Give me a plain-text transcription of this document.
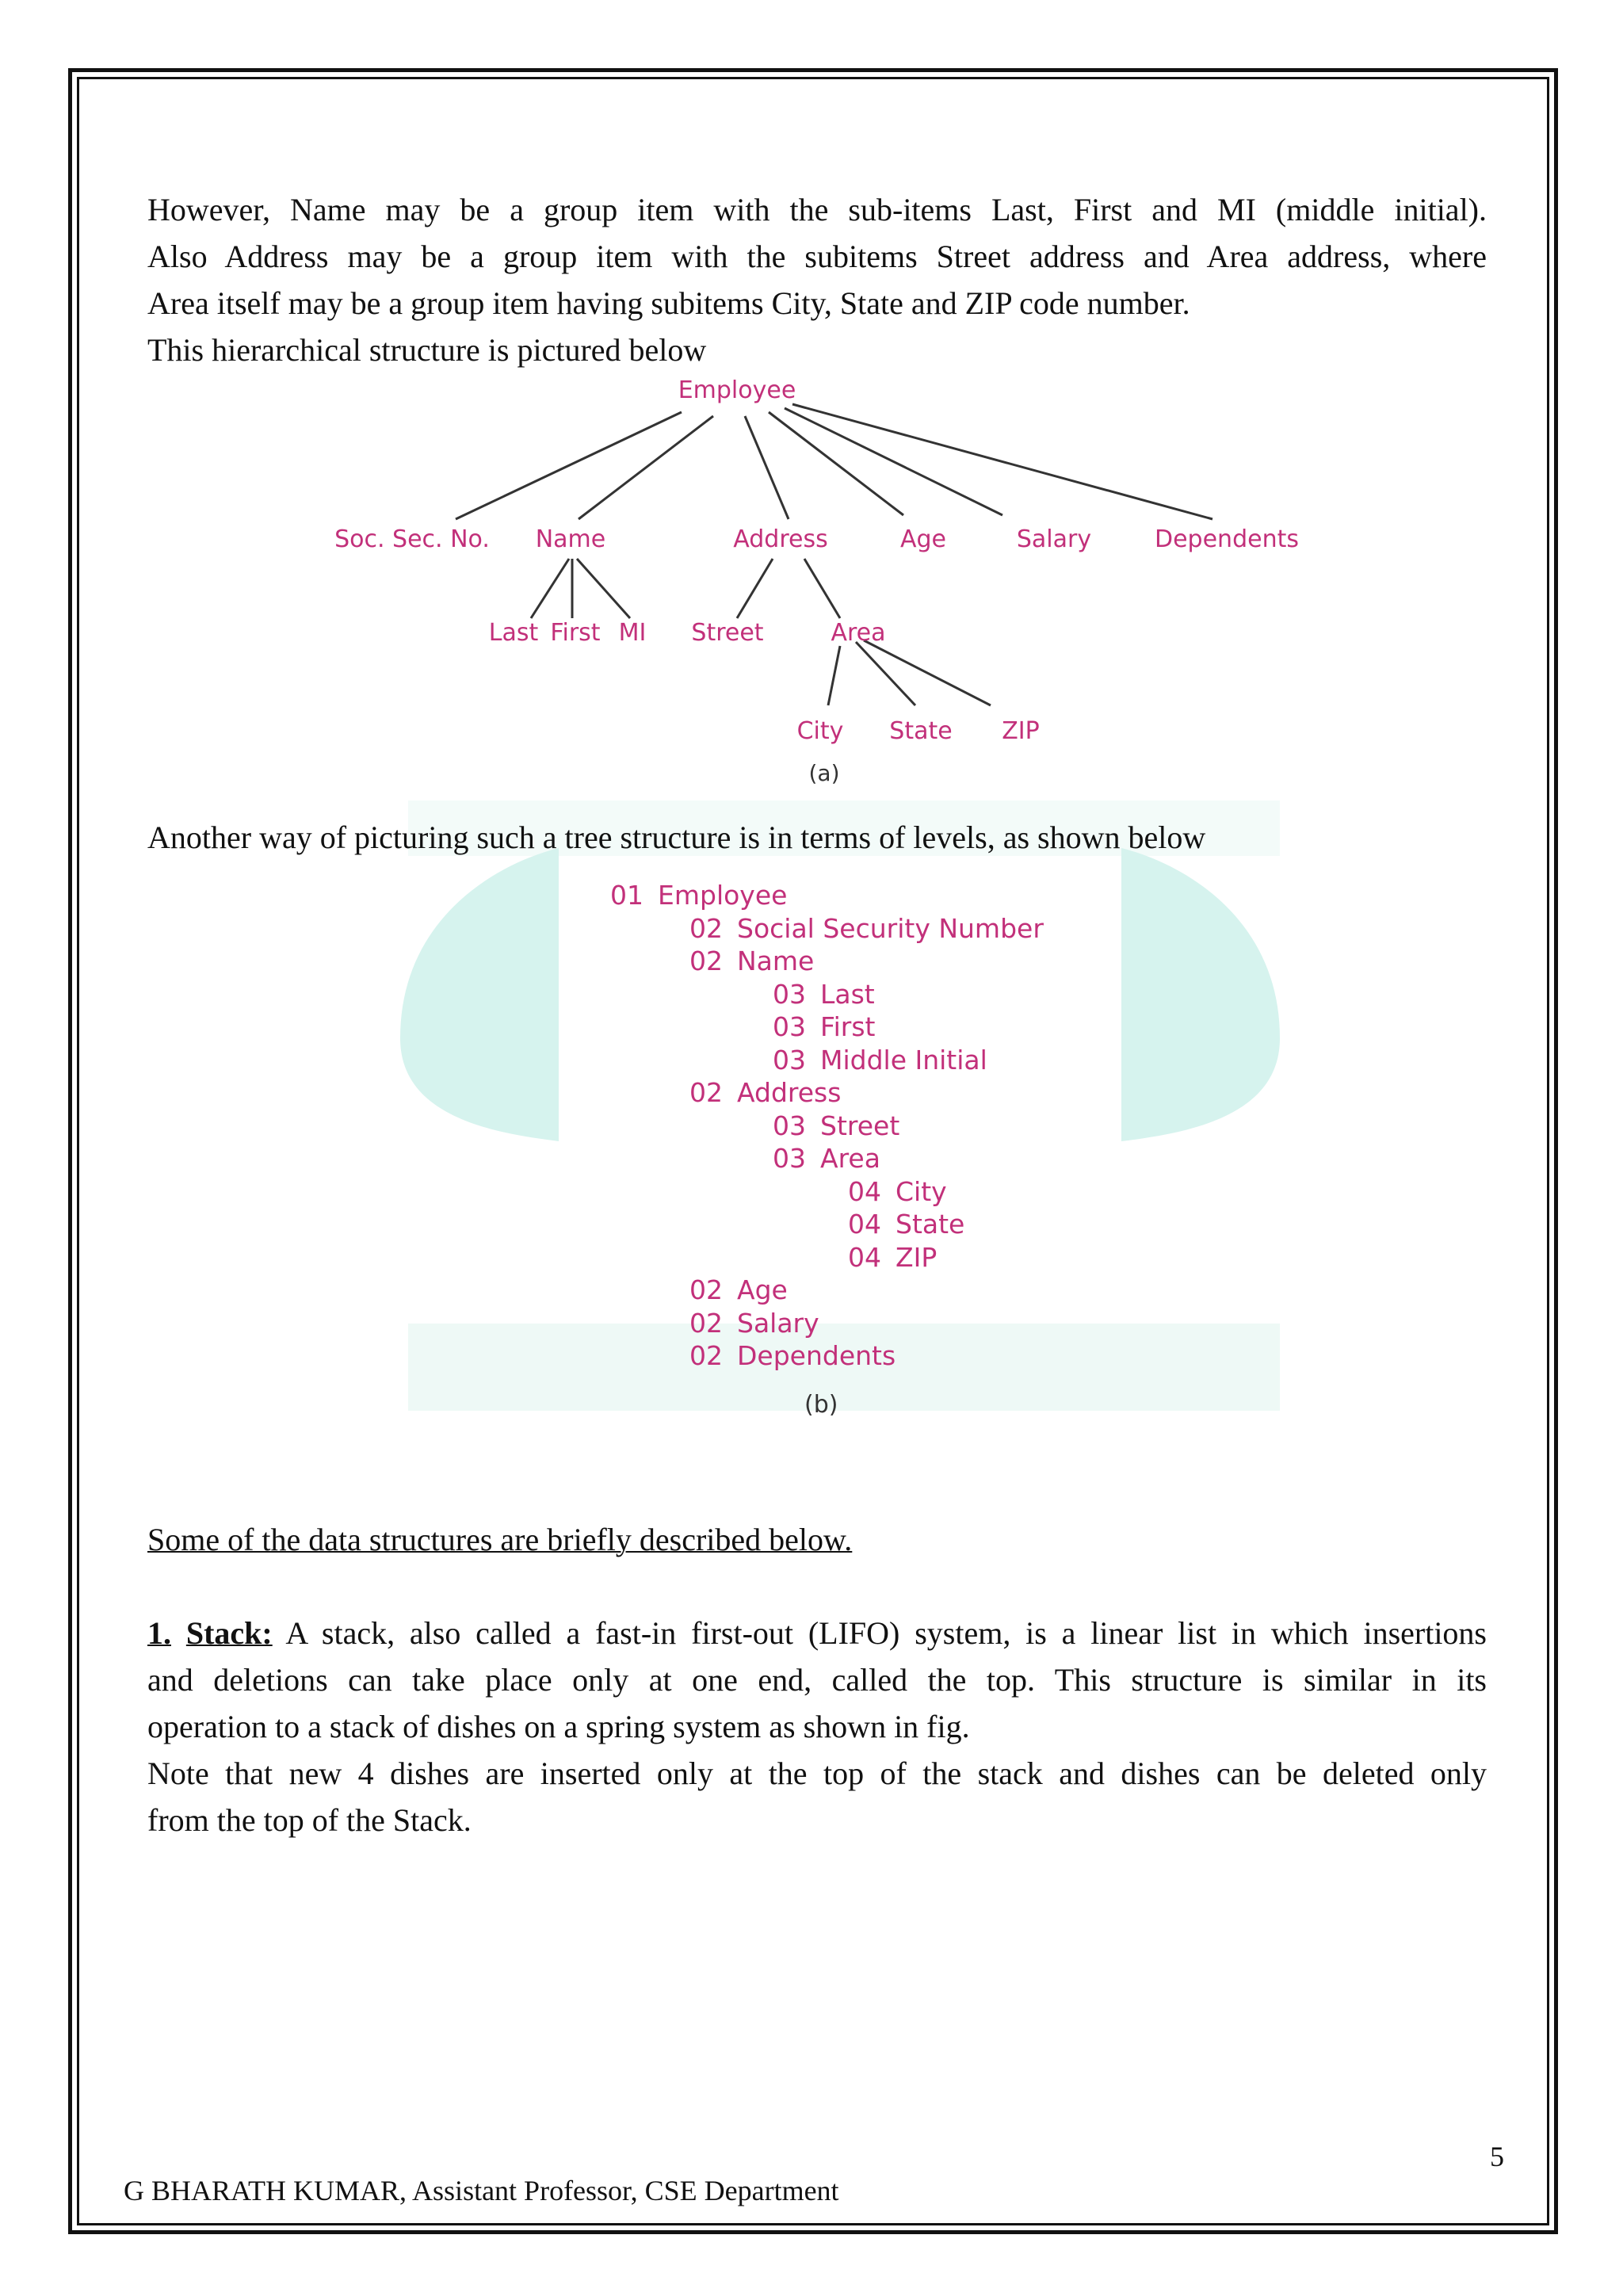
However, Name may be a group item with the sub-items Last, First and MI (middle initial).
Also Address may be a group item with the subitems Street address and Area address, where
Area itself may be a group item having subitems City, State and ZIP code number.
This hierarchical structure is pictured below
Employee
Soc. Sec. No. Name	Address	Age	Salary	Dependents
Last First MI Street	Area
City State ZIP
(a)
Another way of picturing such a tree structure is in terms of levels, as shown below
01 Employee
02 Social Security Number
02 Name
03 Last
03 First
03 Middle Initial
02 Address
03 Street
03 Area
04 City
04 State
04 ZIP
02 Age
02 Salary
02 Dependents
(b)
Some of the data structures are briefly described below.
1. Stack: A stack, also called a fast-in first-out (LIFO) system, is a linear list in which insertions
and deletions can take place only at one end, called the top. This structure is similar in its
operation to a stack of dishes on a spring system as shown in fig.
Note that new 4 dishes are inserted only at the top of the stack and dishes can be deleted only
from the top of the Stack.
5
G BHARATH KUMAR, Assistant Professor, CSE Department
